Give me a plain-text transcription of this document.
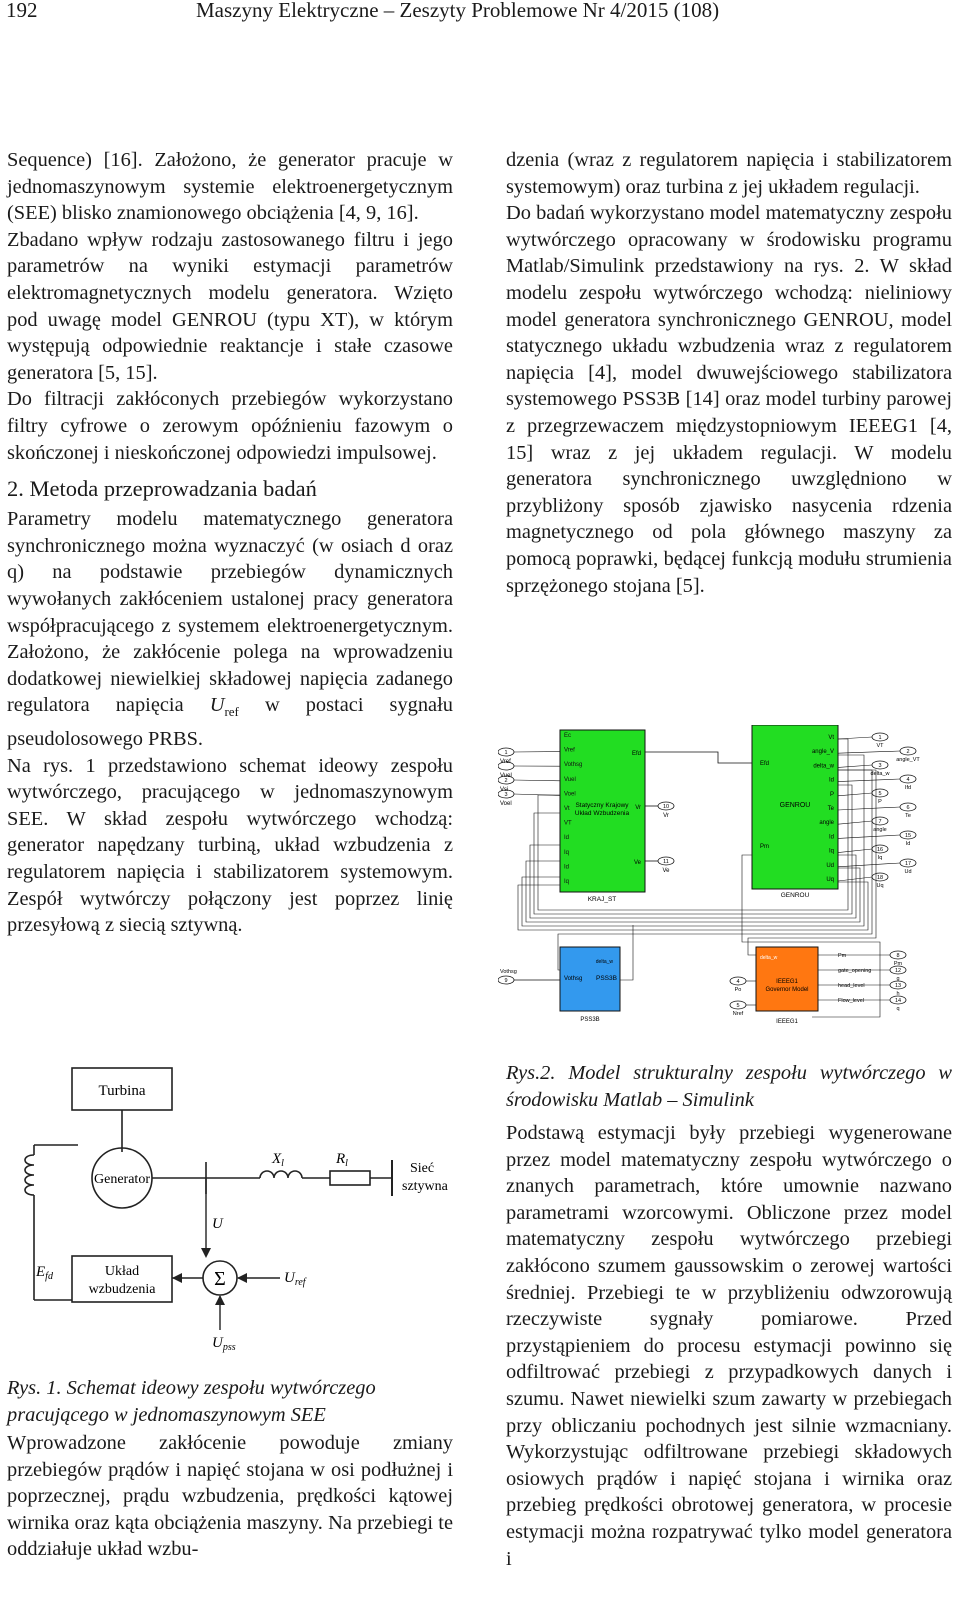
192	Maszyny Elektryczne – Zeszyty Problemowe Nr 4/2015 (108)

Sequence) [16]. Założono, że generator pracuje w jednomaszynowym systemie elektroenergetycznym (SEE) blisko znamionowego obciążenia [4, 9, 16].

Zbadano wpływ rodzaju zastosowanego filtru i jego parametrów na wyniki estymacji parametrów elektromagnetycznych modelu generatora. Wzięto pod uwagę model GENROU (typu XT), w którym występują odpowiednie reaktancje i stałe czasowe generatora [5, 15].

Do filtracji zakłóconych przebiegów wykorzystano filtry cyfrowe o zerowym opóźnieniu fazowym o skończonej i nieskończonej odpowiedzi impulsowej.

2. Metoda przeprowadzania badań

Parametry modelu matematycznego generatora synchronicznego można wyznaczyć (w osiach d oraz q) na podstawie przebiegów dynamicznych wywołanych zakłóceniem ustalonej pracy generatora współpracującego z systemem elektroenergetycznym. Założono, że zakłócenie polega na wprowadzeniu dodatkowej niewielkiej składowej napięcia zadanego regulatora napięcia $U_{ref}$ w postaci sygnału pseudolosowego PRBS.

Na rys. 1 przedstawiono schemat ideowy zespołu wytwórczego, pracującego w jednomaszynowym SEE. W skład zespołu wytwórczego wchodzą: generator napędzany turbiną, układ wzbudzenia z regulatorem napięcia i stabilizatorem systemowym. Zespół wytwórczy połączony jest poprzez linię przesyłową z siecią sztywną.

Turbina
Generator
$X_l$	$R_l$	Sieć
sztywna
U
Σ	$U_{ref}$
$U_{pss}$
Układ
wzbudzenia
$E_{fd}$
Rys. 1. Schemat ideowy zespołu wytwórczego pracującego w jednomaszynowym SEE

Wprowadzone zakłócenie powoduje zmiany przebiegów prądów i napięć stojana w osi podłużnej i poprzecznej, prądu wzbudzenia, prędkości kątowej wirnika oraz kąta obciążenia maszyny. Na przebiegi te oddziałuje układ wzbu-

dzenia (wraz z regulatorem napięcia i stabilizatorem systemowym) oraz turbina z jej układem regulacji.

Do badań wykorzystano model matematyczny zespołu wytwórczego opracowany w środowisku programu Matlab/Simulink przedstawiony na rys. 2. W skład modelu zespołu wytwórczego wchodzą: nieliniowy model generatora synchronicznego GENROU, model statycznego układu wzbudzenia wraz z regulatorem napięcia [4], model dwuwejściowego stabilizatora systemowego PSS3B [14] oraz model turbiny parowej z przegrzewaczem międzystopniowym IEEEG1 [4, 15] wraz z jej układem regulacji. W modelu generatora synchronicznego uwzględniono w przybliżony sposób zjawisko nasycenia rdzenia magnetycznego od pola głównego maszyny za pomocą poprawki, będącej funkcją modułu strumienia sprzężonego stojana [5].

Ec
Vref
Vothsg
Vuel
Voel
Vt
VT
Id
Iq
Id
Iq
Statyczny Krajowy
Układ Wzbudzenia
Efd
Vr
Ve
KRAJ_ST
1
Vref
Vuel
2
Vsi
3
Voel	10
Vr
11
Ve
Efd
Pm
GENROU
GENROU
Vt
angle_V
delta_w
Id
P
Te
angle
Id
Iq
Ud
Uq
1
VT
2
angle_VT
3
delta_w
4
Ifd
5
P
6
Te
7
angle
15
Id
16
Iq
17
Ud
18
Uq
Vothsg PSS3B
PSS3B
delta_w
9
Vothsg
IEEEG1
Governor Model
IEEEG1
delta_w
4
Po
5
Nref
Pm	8
Pm
gate_opening	12
g
head_level	13
h
Flow_level	14
q
Rys.2. Model strukturalny zespołu wytwórczego w środowisku Matlab – Simulink

Podstawą estymacji były przebiegi wygenerowane przez model matematyczny zespołu wytwórczego o znanych parametrach, które umownie nazwano parametrami wzorcowymi. Obliczone przez model matematyczny zespołu wytwórczego przebiegi zakłócono szumem gaussowskim o zerowej wartości średniej. Przebiegi te w przybliżeniu odwzorowują rzeczywiste sygnały pomiarowe. Przed przystąpieniem do procesu estymacji powinno się odfiltrować przebiegi z przypadkowych danych i szumu. Nawet niewielki szum zawarty w przebiegach przy obliczaniu pochodnych jest silnie wzmacniany. Wykorzystując odfiltrowane przebiegi składowych osiowych prądów i napięć stojana i wirnika oraz przebieg prędkości obrotowej generatora, w procesie estymacji można rozpatrywać tylko model generatora i
